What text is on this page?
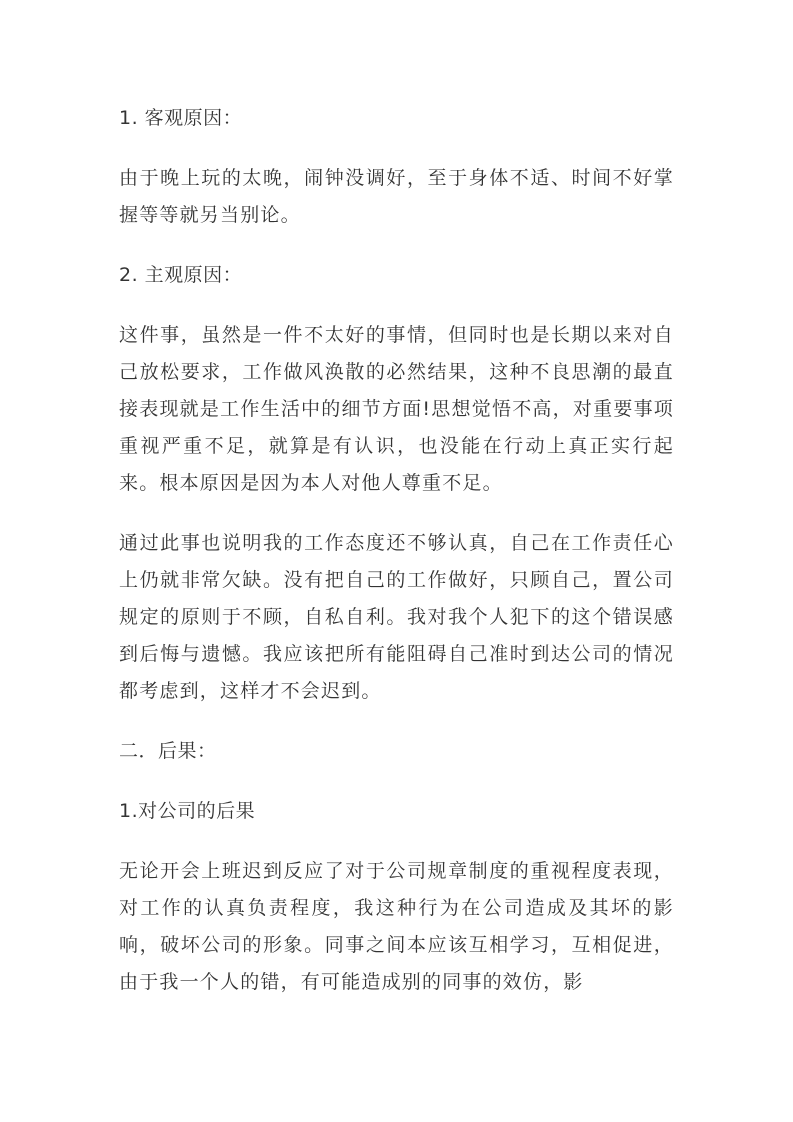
1. 客观原因：

由于晚上玩的太晚，闹钟没调好，至于身体不适、时间不好掌握等等就另当别论。

2. 主观原因：

这件事，虽然是一件不太好的事情，但同时也是长期以来对自己放松要求，工作做风涣散的必然结果，这种不良思潮的最直接表现就是工作生活中的细节方面!思想觉悟不高，对重要事项重视严重不足，就算是有认识，也没能在行动上真正实行起来。根本原因是因为本人对他人尊重不足。

通过此事也说明我的工作态度还不够认真，自己在工作责任心上仍就非常欠缺。没有把自己的工作做好，只顾自己，置公司规定的原则于不顾，自私自利。我对我个人犯下的这个错误感到后悔与遗憾。我应该把所有能阻碍自己准时到达公司的情况都考虑到，这样才不会迟到。

二．后果：
1.对公司的后果

无论开会上班迟到反应了对于公司规章制度的重视程度表现，对工作的认真负责程度，我这种行为在公司造成及其坏的影响，破坏公司的形象。同事之间本应该互相学习，互相促进，由于我一个人的错，有可能造成别的同事的效仿，影
